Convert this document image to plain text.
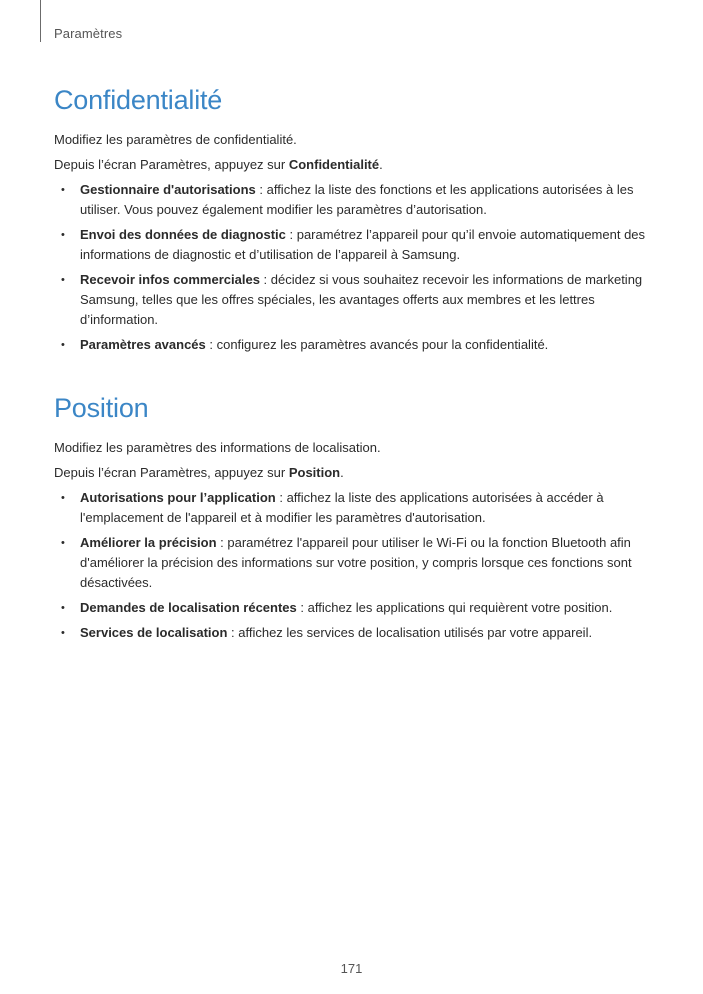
Paramètres
Confidentialité

Modifiez les paramètres de confidentialité.

Depuis l’écran Paramètres, appuyez sur Confidentialité.

• Gestionnaire d'autorisations : affichez la liste des fonctions et les applications autorisées à les utiliser. Vous pouvez également modifier les paramètres d’autorisation.
• Envoi des données de diagnostic : paramétrez l’appareil pour qu’il envoie automatiquement des informations de diagnostic et d’utilisation de l’appareil à Samsung.
• Recevoir infos commerciales : décidez si vous souhaitez recevoir les informations de marketing Samsung, telles que les offres spéciales, les avantages offerts aux membres et les lettres d’information.
• Paramètres avancés : configurez les paramètres avancés pour la confidentialité.
Position

Modifiez les paramètres des informations de localisation.

Depuis l’écran Paramètres, appuyez sur Position.

• Autorisations pour l’application : affichez la liste des applications autorisées à accéder à l'emplacement de l'appareil et à modifier les paramètres d'autorisation.
• Améliorer la précision : paramétrez l'appareil pour utiliser le Wi-Fi ou la fonction Bluetooth afin d'améliorer la précision des informations sur votre position, y compris lorsque ces fonctions sont désactivées.
• Demandes de localisation récentes : affichez les applications qui requièrent votre position.
• Services de localisation : affichez les services de localisation utilisés par votre appareil.
171
